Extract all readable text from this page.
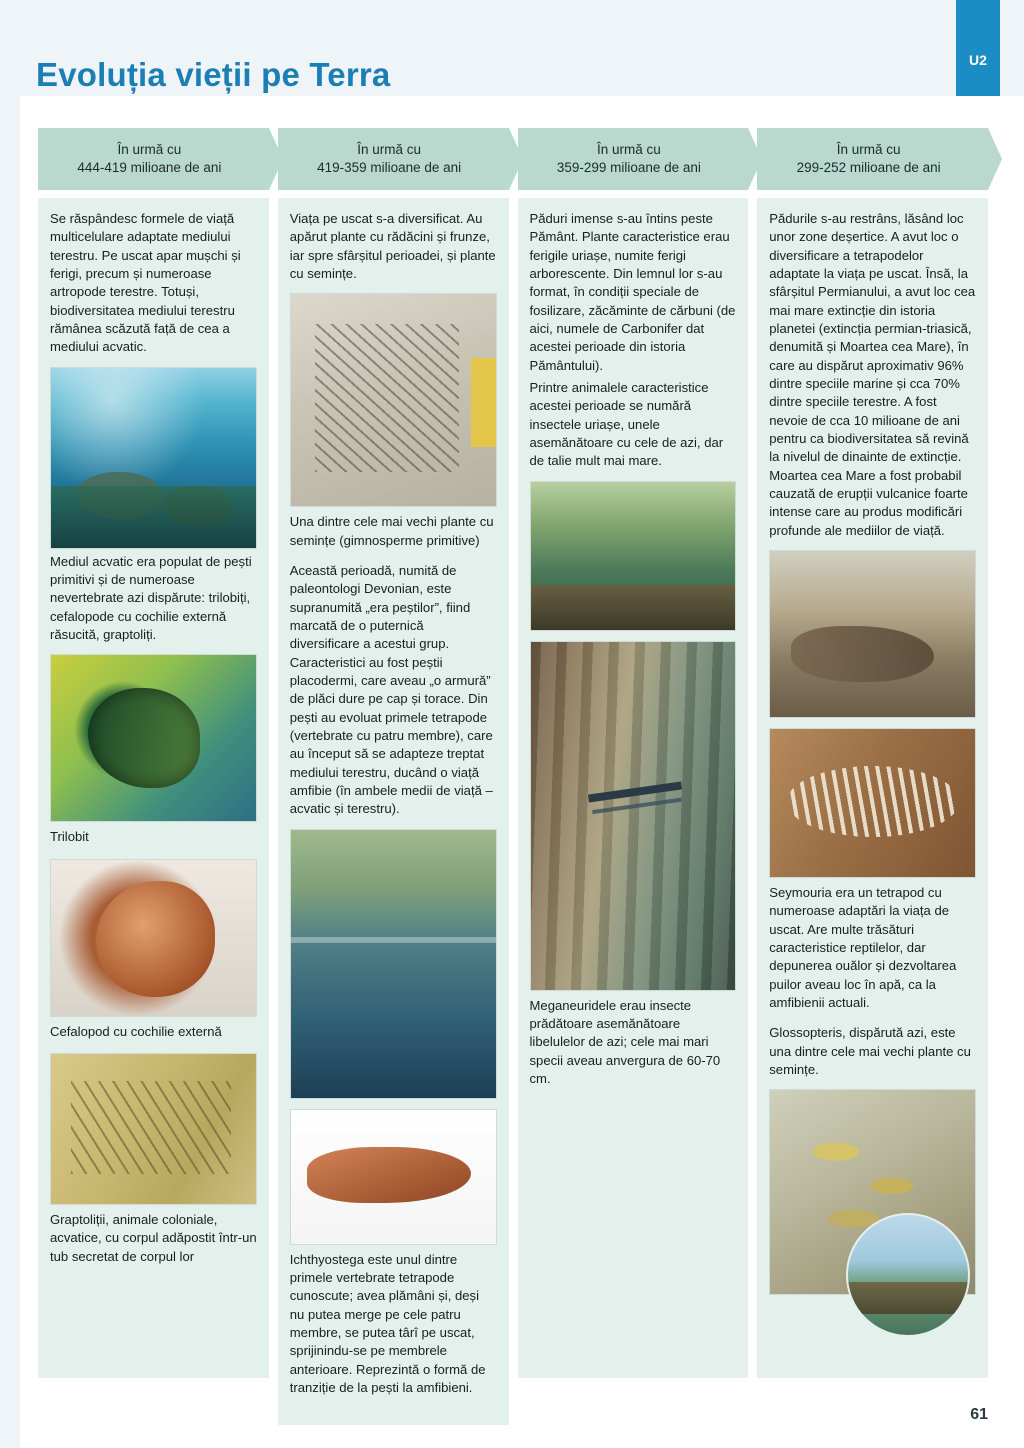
Evoluția vieții pe Terra	U2
În urmă cu
444-419 milioane de ani

Se răspândesc formele de viață multicelulare adaptate mediului terestru. Pe uscat apar mușchi și ferigi, precum și numeroase artropode terestre. Totuși, biodiversitatea mediului terestru rămânea scăzută față de cea a mediului acvatic.

Mediul acvatic era populat de pești primitivi și de numeroase nevertebrate azi dispărute: trilobiți, cefalopode cu cochilie externă răsucită, graptoliți.

Trilobit

Cefalopod cu cochilie externă

Graptoliții, animale coloniale, acvatice, cu corpul adăpostit într-un tub secretat de corpul lor

În urmă cu
419-359 milioane de ani

Viața pe uscat s-a diversificat. Au apărut plante cu rădăcini și frunze, iar spre sfârșitul perioadei, și plante cu semințe.

Una dintre cele mai vechi plante cu semințe (gimnosperme primitive)

Această perioadă, numită de paleontologi Devonian, este supranumită „era peștilor”, fiind marcată de o puternică diversificare a acestui grup. Caracteristici au fost peștii placodermi, care aveau „o armură” de plăci dure pe cap și torace. Din pești au evoluat primele tetrapode (vertebrate cu patru membre), care au început să se adapteze treptat mediului terestru, ducând o viață amfibie (în ambele medii de viață – acvatic și terestru).

Ichthyostega este unul dintre primele vertebrate tetrapode cunoscute; avea plămâni și, deși nu putea merge pe cele patru membre, se putea târî pe uscat, sprijinindu-se pe membrele anterioare. Reprezintă o formă de tranziție de la pești la amfibieni.

În urmă cu
359-299 milioane de ani

Păduri imense s-au întins peste Pământ. Plante caracteristice erau ferigile uriașe, numite ferigi arborescente. Din lemnul lor s-au format, în condiții speciale de fosilizare, zăcăminte de cărbuni (de aici, numele de Carbonifer dat acestei perioade din istoria Pământului).

Printre animalele caracteristice acestei perioade se numără insectele uriașe, unele asemănătoare cu cele de azi, dar de talie mult mai mare.

Meganeuridele erau insecte prădătoare asemănătoare libelulelor de azi; cele mai mari specii aveau anvergura de 60-70 cm.

În urmă cu
299-252 milioane de ani

Pădurile s-au restrâns, lăsând loc unor zone deșertice. A avut loc o diversificare a tetrapodelor adaptate la viața pe uscat. Însă, la sfârșitul Permianului, a avut loc cea mai mare extincție din istoria planetei (extincția permian-triasică, denumită și Moartea cea Mare), în care au dispărut aproximativ 96% dintre speciile marine și cca 70% dintre speciile terestre. A fost nevoie de cca 10 milioane de ani pentru ca biodiversitatea să revină la nivelul de dinainte de extincție. Moartea cea Mare a fost probabil cauzată de erupții vulcanice foarte intense care au produs modificări profunde ale mediilor de viață.

Seymouria era un tetrapod cu numeroase adaptări la viața de uscat. Are multe trăsături caracteristice reptilelor, dar depunerea ouălor și dezvoltarea puilor aveau loc în apă, ca la amfibienii actuali.

Glossopteris, dispărută azi, este una dintre cele mai vechi plante cu semințe.

61
